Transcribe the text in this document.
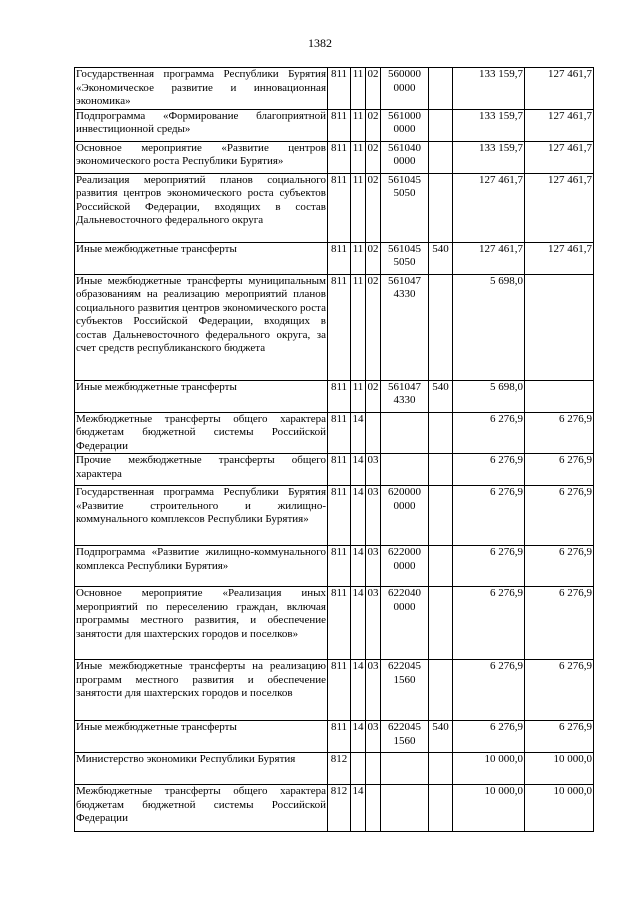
1382
Государственная программа Республики Бурятия «Экономическое развитие и инновационная экономика»	811	11	02	560000 0000		133 159,7	127 461,7
Подпрограмма «Формирование благоприятной инвестиционной среды»	811	11	02	561000 0000		133 159,7	127 461,7
Основное мероприятие «Развитие центров экономического роста Республики Бурятия»	811	11	02	561040 0000		133 159,7	127 461,7
Реализация мероприятий планов социального развития центров экономического роста субъектов Российской Федерации, входящих в состав Дальневосточного федерального округа	811	11	02	561045 5050		127 461,7	127 461,7
Иные межбюджетные трансферты	811	11	02	561045 5050	540	127 461,7	127 461,7
Иные межбюджетные трансферты муниципальным образованиям на реализацию мероприятий планов социального развития центров экономического роста субъектов Российской Федерации, входящих в состав Дальневосточного федерального округа, за счет средств республиканского бюджета	811	11	02	561047 4330		5 698,0	
Иные межбюджетные трансферты	811	11	02	561047 4330	540	5 698,0	
Межбюджетные трансферты общего характера бюджетам бюджетной системы Российской Федерации	811	14				6 276,9	6 276,9
Прочие межбюджетные трансферты общего характера	811	14	03			6 276,9	6 276,9
Государственная программа Республики Бурятия «Развитие строительного и жилищно-коммунального комплексов Республики Бурятия»	811	14	03	620000 0000		6 276,9	6 276,9
Подпрограмма «Развитие жилищно-коммунального комплекса Республики Бурятия»	811	14	03	622000 0000		6 276,9	6 276,9
Основное мероприятие «Реализация иных мероприятий по переселению граждан, включая программы местного развития, и обеспечение занятости для шахтерских городов и поселков»	811	14	03	622040 0000		6 276,9	6 276,9
Иные межбюджетные трансферты на реализацию программ местного развития и обеспечение занятости для шахтерских городов и поселков	811	14	03	622045 1560		6 276,9	6 276,9
Иные межбюджетные трансферты	811	14	03	622045 1560	540	6 276,9	6 276,9
Министерство экономики Республики Бурятия	812					10 000,0	10 000,0
Межбюджетные трансферты общего характера бюджетам бюджетной системы Российской Федерации	812	14				10 000,0	10 000,0
